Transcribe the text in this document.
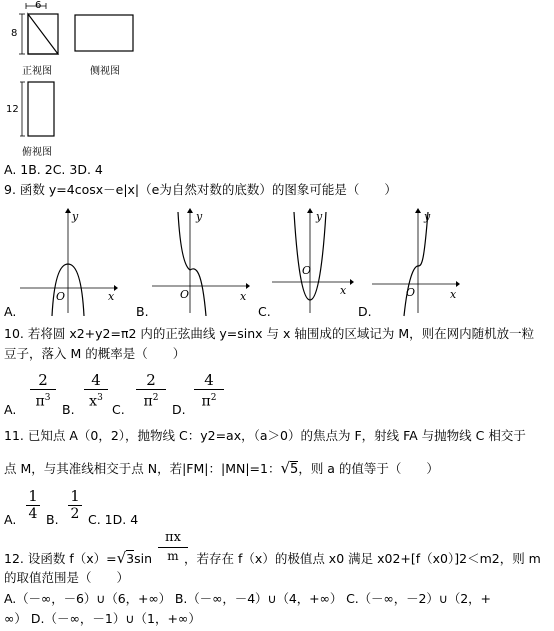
6
8
正视图	侧视图
12
俯视图
A. 1B. 2C. 3D. 4
9. 函数 y=4cosx－e|x|（e为自然对数的底数）的图象可能是（　　）
y
x
O
A.
y
x
O
B.
y
x
O
C.
y
x
O
D.
10. 若将圆 x2+y2=π2 内的正弦曲线 y=sinx 与 x 轴围成的区域记为 M，则在网内随机放一粒
豆子，落入 M 的概率是（　　）
A.
2
$\pi^3$
B.
4
$x^3$
C.
2
$\pi^2$
D.
4
$\pi^2$
11. 已知点 A（0，2），抛物线 C：y2=ax，（a＞0）的焦点为 F，射线 FA 与抛物线 C 相交于
点 M，与其准线相交于点 N，若|FM|：|MN|=1：√5，则 a 的值等于（　　）
A.
1
4 B.
1
2 C. 1D. 4
12. 设函数 f（x）=√3sin	，若存在 f（x）的极值点 x0 满足 x02+[f（x0）]2＜m2，则 m
πx
m
的取值范围是（　　）
A.（－∞，－6）∪（6，+∞） B.（－∞，－4）∪（4，+∞） C.（－∞，－2）∪（2，+
∞） D.（－∞，－1）∪（1，+∞）
